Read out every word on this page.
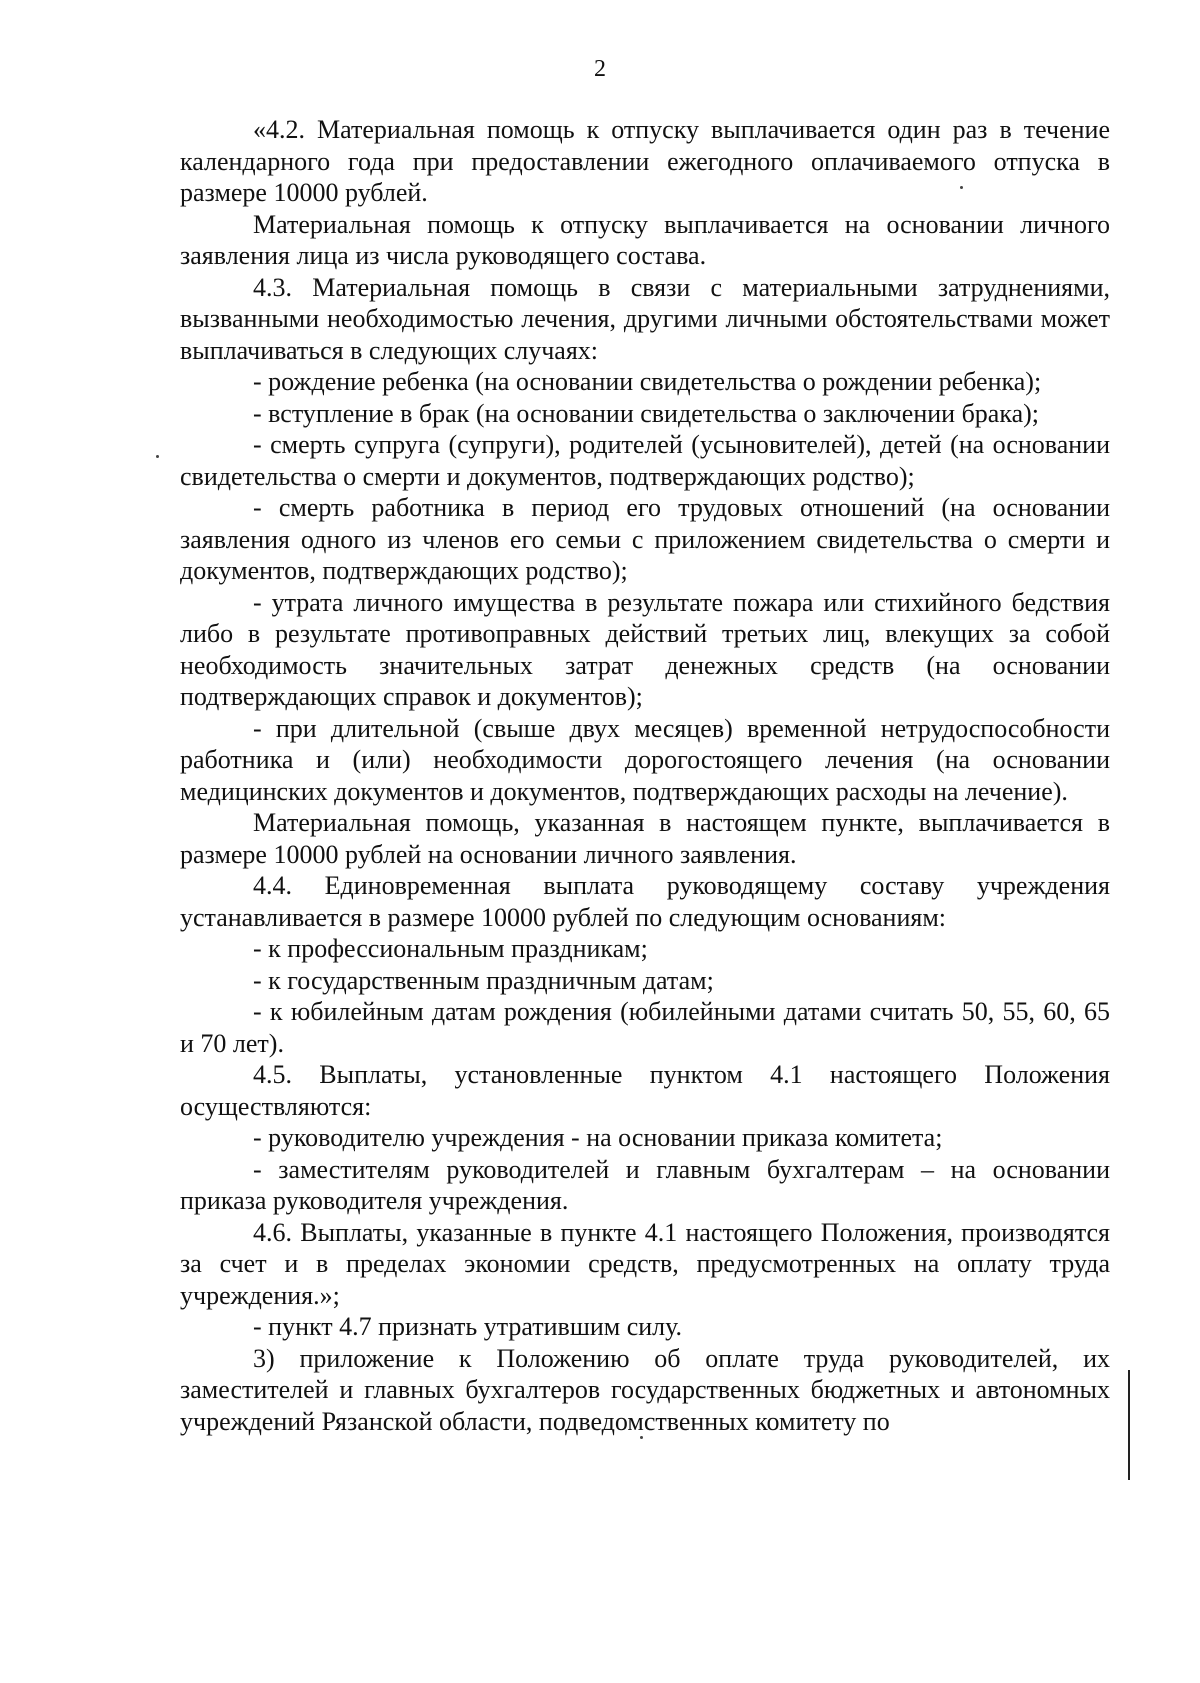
2

«4.2. Материальная помощь к отпуску выплачивается один раз в течение календарного года при предоставлении ежегодного оплачиваемого отпуска в размере 10000 рублей.

Материальная помощь к отпуску выплачивается на основании личного заявления лица из числа руководящего состава.

4.3. Материальная помощь в связи с материальными затруднениями, вызванными необходимостью лечения, другими личными обстоятельствами может выплачиваться в следующих случаях:

- рождение ребенка (на основании свидетельства о рождении ребенка);

- вступление в брак (на основании свидетельства о заключении брака);

- смерть супруга (супруги), родителей (усыновителей), детей (на основании свидетельства о смерти и документов, подтверждающих родство);

- смерть работника в период его трудовых отношений (на основании заявления одного из членов его семьи с приложением свидетельства о смерти и документов, подтверждающих родство);

- утрата личного имущества в результате пожара или стихийного бедствия либо в результате противоправных действий третьих лиц, влекущих за собой необходимость значительных затрат денежных средств (на основании подтверждающих справок и документов);

- при длительной (свыше двух месяцев) временной нетрудоспособности работника и (или) необходимости дорогостоящего лечения (на основании медицинских документов и документов, подтверждающих расходы на лечение).

Материальная помощь, указанная в настоящем пункте, выплачивается в размере 10000 рублей на основании личного заявления.

4.4. Единовременная выплата руководящему составу учреждения устанавливается в размере 10000 рублей по следующим основаниям:

- к профессиональным праздникам;

- к государственным праздничным датам;

- к юбилейным датам рождения (юбилейными датами считать 50, 55, 60, 65 и 70 лет).

4.5. Выплаты, установленные пунктом 4.1 настоящего Положения осуществляются:

- руководителю учреждения - на основании приказа комитета;

- заместителям руководителей и главным бухгалтерам – на основании приказа руководителя учреждения.

4.6. Выплаты, указанные в пункте 4.1 настоящего Положения, производятся за счет и в пределах экономии средств, предусмотренных на оплату труда учреждения.»;

- пункт 4.7 признать утратившим силу.

3) приложение к Положению об оплате труда руководителей, их заместителей и главных бухгалтеров государственных бюджетных и автономных учреждений Рязанской области, подведомственных комитету по
